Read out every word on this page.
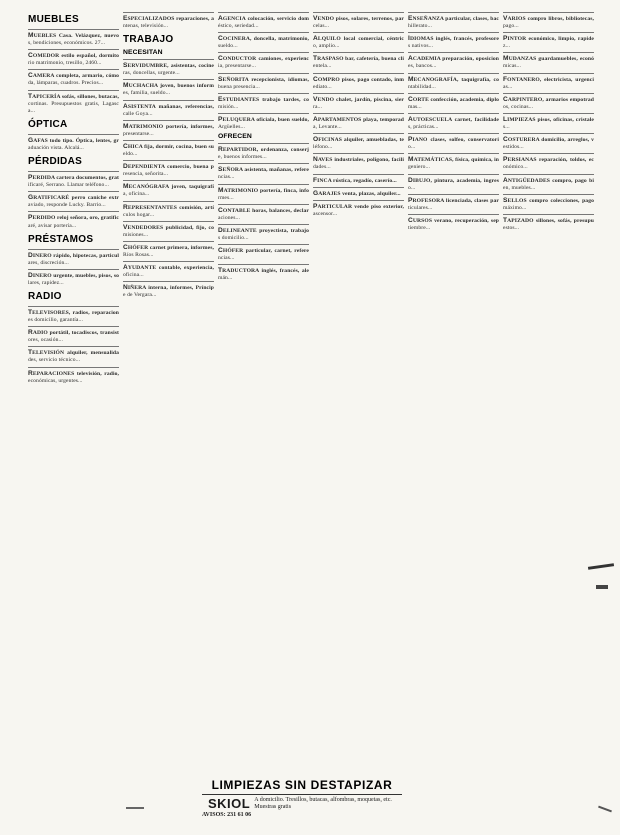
MUEBLES

MUEBLES Casa. Velázquez, nuevos, bendiciones, económicos. 27...

COMEDOR estilo español, dormitorio matrimonio, tresillo, 2460...

CAMERA completa, armario, cómoda, lámparas, cuadros. Precios...

TAPICERÍA sofás, sillones, butacas, cortinas. Presupuestos gratis, Lagasca...

ÓPTICA

GAFAS todo tipo. Óptica, lentes, graduación vista. Alcalá...

PÉRDIDAS

PERDIDA cartera documentos, gratificaré, Serrano. Llamar teléfono...

GRATIFICARÉ perro caniche extraviado, responde Lucky. Barrio...

PERDIDO reloj señora, oro, gratificaré, avisar portería...

PRÉSTAMOS

DINERO rápido, hipotecas, particulares, discreción...

DINERO urgente, muebles, pisos, solares, rapidez...

RADIO

TELEVISORES, radios, reparaciones domicilio, garantía...

RADIO portátil, tocadiscos, transistores, ocasión...

TELEVISIÓN alquiler, mensualidades, servicio técnico...

REPARACIONES televisión, radio, económicas, urgentes...

ESPECIALIZADOS reparaciones, antenas, televisión...

TRABAJO
NECESITAN

SERVIDUMBRE, asistentas, cocineras, doncellas, urgente...

MUCHACHA joven, buenos informes, familia, sueldo...

ASISTENTA mañanas, referencias, calle Goya...

MATRIMONIO portería, informes, presentarse...

CHICA fija, dormir, cocina, buen sueldo...

DEPENDIENTA comercio, buena presencia, señorita...

MECANÓGRAFA joven, taquigrafía, oficina...

REPRESENTANTES comisión, artículos hogar...

VENDEDORES publicidad, fijo, comisiones...

CHÓFER carnet primera, informes, Ríos Rosas...

AYUDANTE contable, experiencia, oficina...

NIÑERA interna, informes, Príncipe de Vergara...

AGENCIA colocación, servicio doméstico, seriedad...

COCINERA, doncella, matrimonio, sueldo...

CONDUCTOR camiones, experiencia, presentarse...

SEÑORITA recepcionista, idiomas, buena presencia...

ESTUDIANTES trabajo tardes, comisión...

PELUQUERA oficiala, buen sueldo, Argüelles...

OFRECEN

REPARTIDOR, ordenanza, conserje, buenos informes...

SEÑORA asistenta, mañanas, referencias...

MATRIMONIO portería, finca, informes...

CONTABLE horas, balances, declaraciones...

DELINEANTE proyectista, trabajos domicilio...

CHÓFER particular, carnet, referencias...

TRADUCTORA inglés, francés, alemán...

VENDO pisos, solares, terrenos, parcelas...

ALQUILO local comercial, céntrico, amplio...

TRASPASO bar, cafetería, buena clientela...

COMPRO pisos, pago contado, inmediato...

VENDO chalet, jardín, piscina, sierra...

APARTAMENTOS playa, temporada, Levante...

OFICINAS alquiler, amuebladas, teléfono...

NAVES industriales, polígono, facilidades...

FINCA rústica, regadío, caserío...

GARAJES venta, plazas, alquiler...

PARTICULAR vende piso exterior, ascensor...

ENSEÑANZA particular, clases, bachillerato...

IDIOMAS inglés, francés, profesores nativos...

ACADEMIA preparación, oposiciones, bancos...

MECANOGRAFÍA, taquigrafía, contabilidad...

CORTE confección, academia, diplomas...

AUTOESCUELA carnet, facilidades, prácticas...

PIANO clases, solfeo, conservatorio...

MATEMÁTICAS, física, química, ingeniero...

DIBUJO, pintura, academia, ingreso...

PROFESORA licenciada, clases particulares...

CURSOS verano, recuperación, septiembre...

VARIOS compro libros, bibliotecas, pago...

PINTOR económico, limpio, rapidez...

MUDANZAS guardamuebles, económicas...

FONTANERO, electricista, urgencias...

CARPINTERO, armarios empotrados, cocinas...

LIMPIEZAS pisos, oficinas, cristales...

COSTURERA domicilio, arreglos, vestidos...

PERSIANAS reparación, toldos, económico...

ANTIGÜEDADES compro, pago bien, muebles...

SELLOS compro colecciones, pago máximo...

TAPIZADO sillones, sofás, presupuestos...

LIMPIEZAS SIN DESTAPIZAR
SKIOL A domicilio. Tresillos, butacas, alfombras, moquetas, etc. Muestras gratis
AVISOS: 231 61 06
